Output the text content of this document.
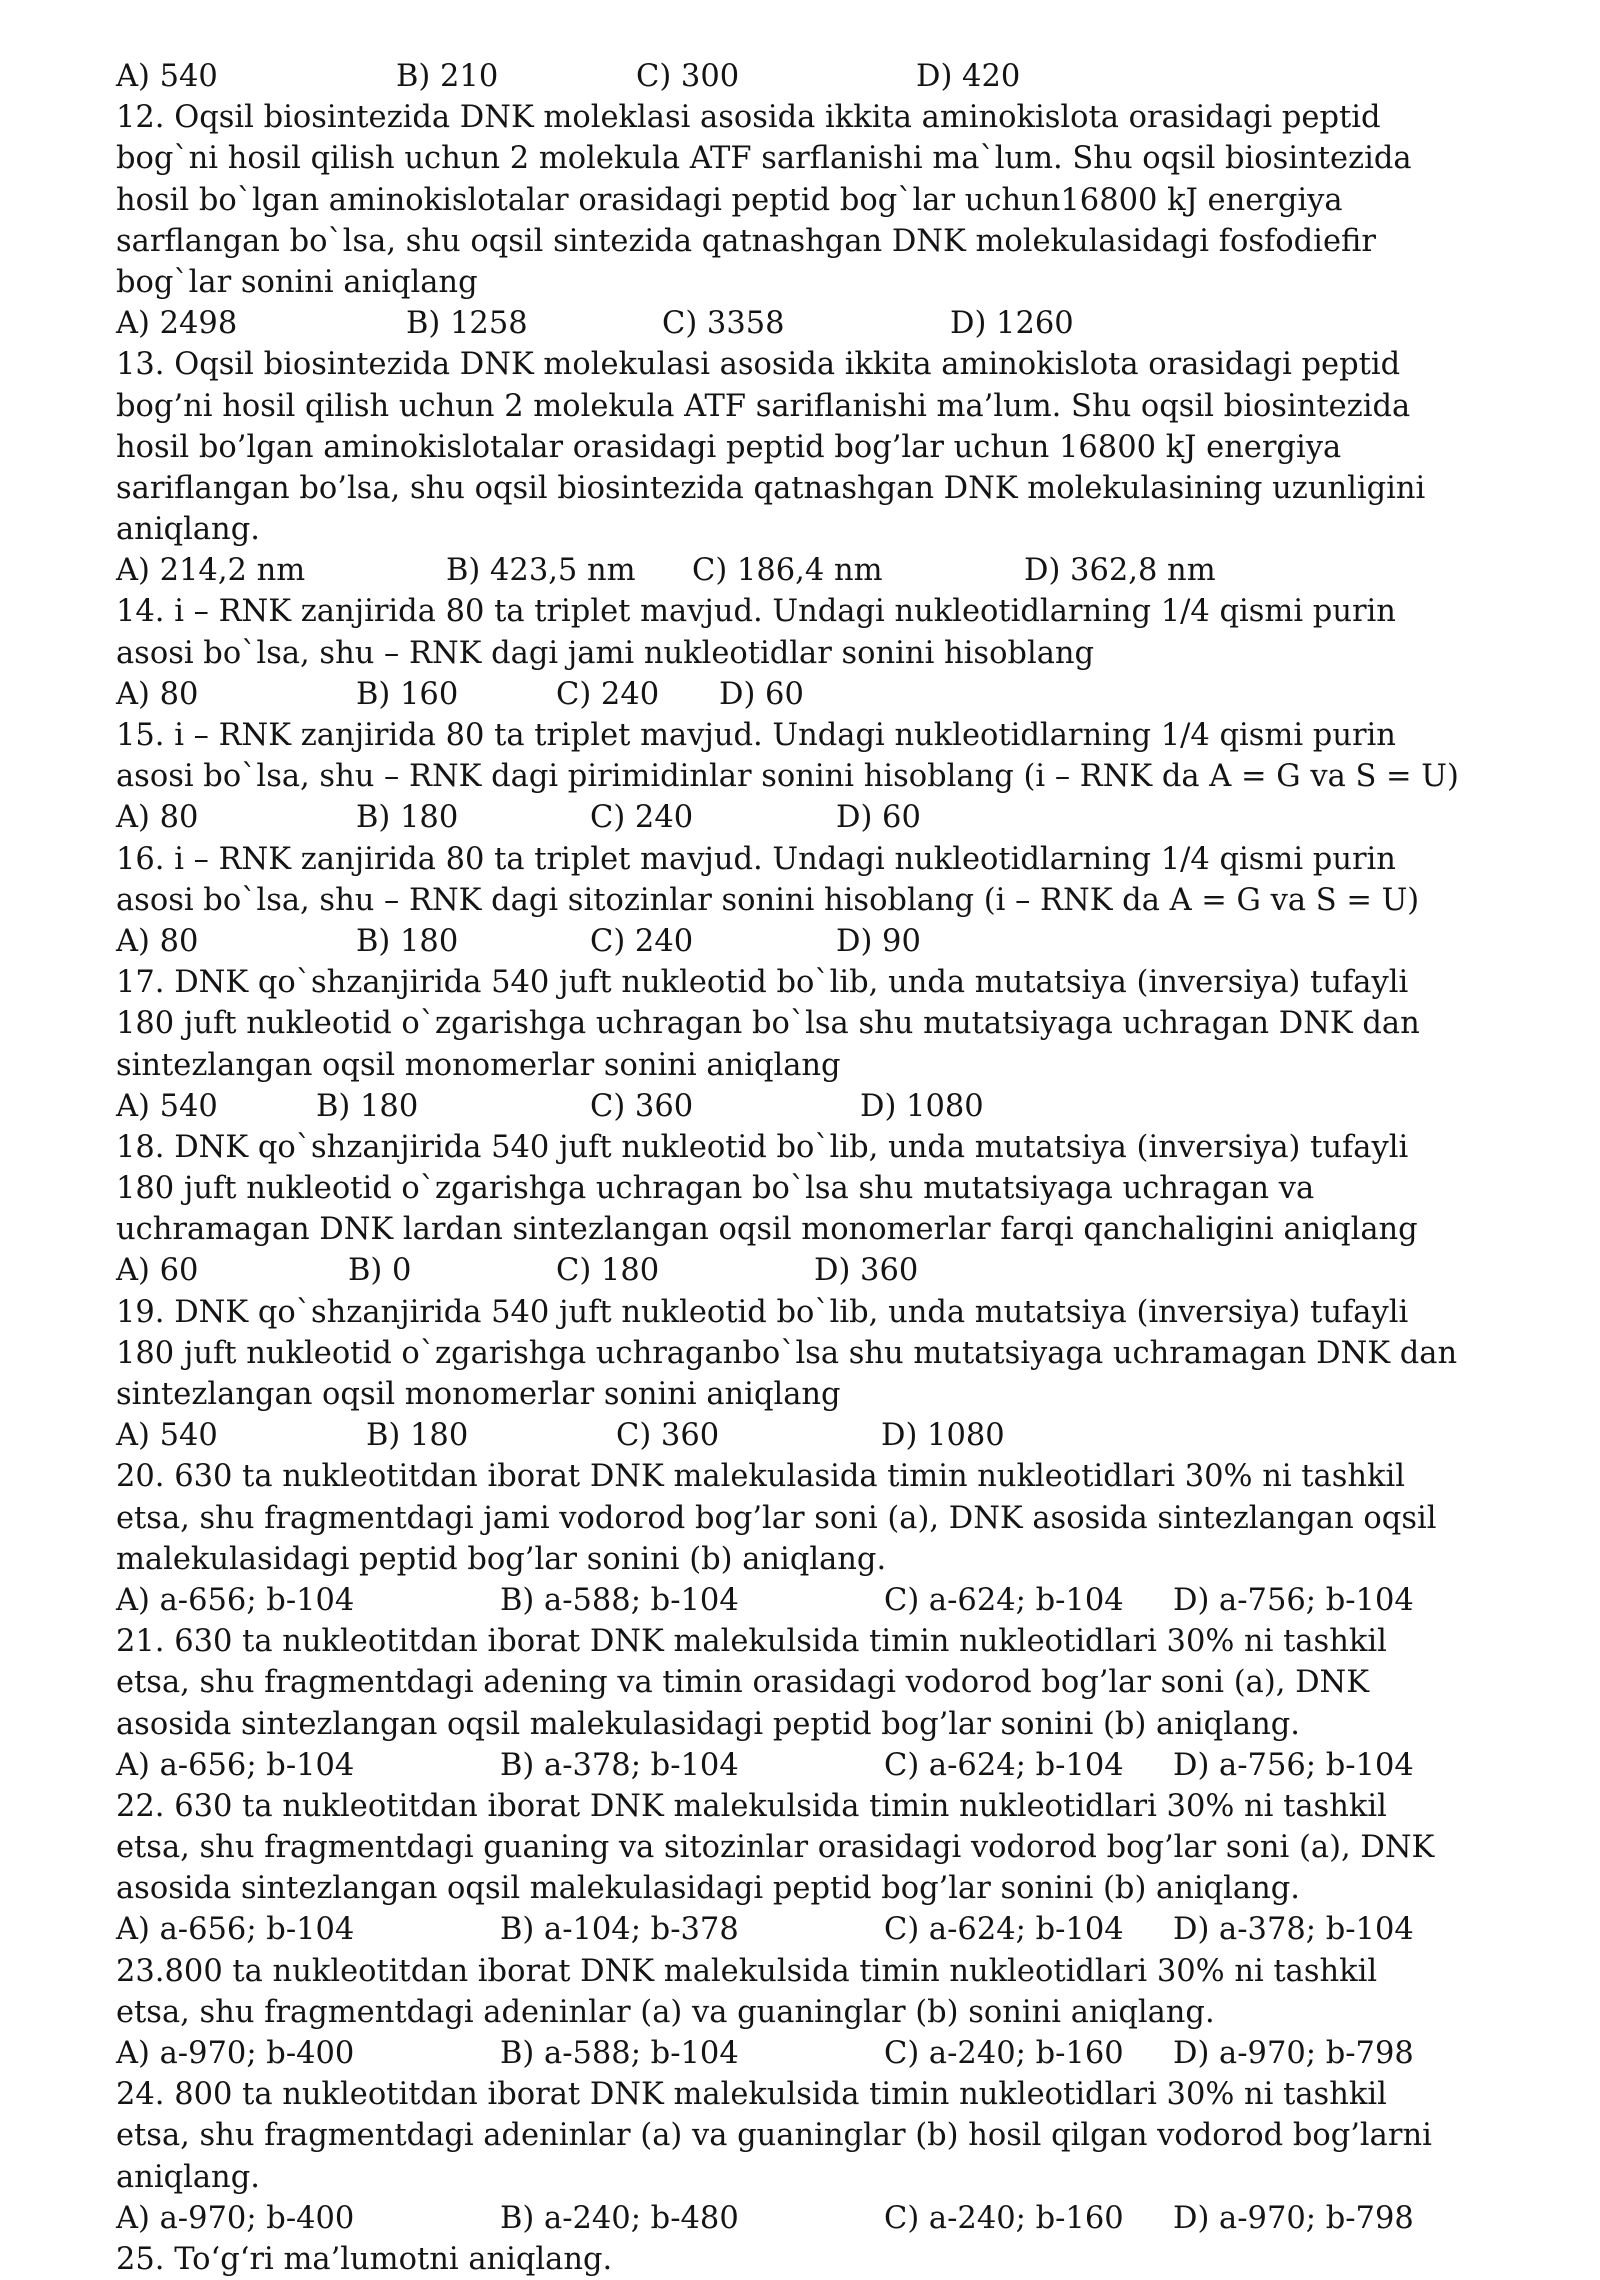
A) 540	B) 210	C) 300	D) 420
12. Oqsil biosintezida DNK moleklasi asosida ikkita aminokislota orasidagi peptid
bog`ni hosil qilish uchun 2 molekula ATF sarflanishi ma`lum. Shu oqsil biosintezida
hosil bo`lgan aminokislotalar orasidagi peptid bog`lar uchun16800 kJ energiya
sarflangan bo`lsa, shu oqsil sintezida qatnashgan DNK molekulasidagi fosfodiefir
bog`lar sonini aniqlang
A) 2498	B) 1258	C) 3358	D) 1260
13. Oqsil biosintezida DNK molekulasi asosida ikkita aminokislota orasidagi peptid
bog’ni hosil qilish uchun 2 molekula ATF sariflanishi ma’lum. Shu oqsil biosintezida
hosil bo’lgan aminokislotalar orasidagi peptid bog’lar uchun 16800 kJ energiya
sariflangan bo’lsa, shu oqsil biosintezida qatnashgan DNK molekulasining uzunligini
aniqlang.
A) 214,2 nm	B) 423,5 nm C) 186,4 nm	D) 362,8 nm
14. i – RNK zanjirida 80 ta triplet mavjud. Undagi nukleotidlarning 1/4 qismi purin
asosi bo`lsa, shu – RNK dagi jami nukleotidlar sonini hisoblang
A) 80	B) 160	C) 240 D) 60
15. i – RNK zanjirida 80 ta triplet mavjud. Undagi nukleotidlarning 1/4 qismi purin
asosi bo`lsa, shu – RNK dagi pirimidinlar sonini hisoblang (i – RNK da A = G va S = U)
A) 80	B) 180	C) 240	D) 60
16. i – RNK zanjirida 80 ta triplet mavjud. Undagi nukleotidlarning 1/4 qismi purin
asosi bo`lsa, shu – RNK dagi sitozinlar sonini hisoblang (i – RNK da A = G va S = U)
A) 80	B) 180	C) 240	D) 90
17. DNK qo`shzanjirida 540 juft nukleotid bo`lib, unda mutatsiya (inversiya) tufayli
180 juft nukleotid o`zgarishga uchragan bo`lsa shu mutatsiyaga uchragan DNK dan
sintezlangan oqsil monomerlar sonini aniqlang
A) 540	B) 180	C) 360	D) 1080
18. DNK qo`shzanjirida 540 juft nukleotid bo`lib, unda mutatsiya (inversiya) tufayli
180 juft nukleotid o`zgarishga uchragan bo`lsa shu mutatsiyaga uchragan va
uchramagan DNK lardan sintezlangan oqsil monomerlar farqi qanchaligini aniqlang
A) 60	B) 0	C) 180	D) 360
19. DNK qo`shzanjirida 540 juft nukleotid bo`lib, unda mutatsiya (inversiya) tufayli
180 juft nukleotid o`zgarishga uchraganbo`lsa shu mutatsiyaga uchramagan DNK dan
sintezlangan oqsil monomerlar sonini aniqlang
A) 540	B) 180	C) 360	D) 1080
20. 630 ta nukleotitdan iborat DNK malekulasida timin nukleotidlari 30% ni tashkil
etsa, shu fragmentdagi jami vodorod bog’lar soni (a), DNK asosida sintezlangan oqsil
malekulasidagi peptid bog’lar sonini (b) aniqlang.
A) a-656; b-104	B) a-588; b-104	C) a-624; b-104 D) a-756; b-104
21. 630 ta nukleotitdan iborat DNK malekulsida timin nukleotidlari 30% ni tashkil
etsa, shu fragmentdagi adening va timin orasidagi vodorod bog’lar soni (a), DNK
asosida sintezlangan oqsil malekulasidagi peptid bog’lar sonini (b) aniqlang.
A) a-656; b-104	B) a-378; b-104	C) a-624; b-104 D) a-756; b-104
22. 630 ta nukleotitdan iborat DNK malekulsida timin nukleotidlari 30% ni tashkil
etsa, shu fragmentdagi guaning va sitozinlar orasidagi vodorod bog’lar soni (a), DNK
asosida sintezlangan oqsil malekulasidagi peptid bog’lar sonini (b) aniqlang.
A) a-656; b-104	B) a-104; b-378	C) a-624; b-104 D) a-378; b-104
23.800 ta nukleotitdan iborat DNK malekulsida timin nukleotidlari 30% ni tashkil
etsa, shu fragmentdagi adeninlar (a) va guaninglar (b) sonini aniqlang.
A) a-970; b-400	B) a-588; b-104	C) a-240; b-160 D) a-970; b-798
24. 800 ta nukleotitdan iborat DNK malekulsida timin nukleotidlari 30% ni tashkil
etsa, shu fragmentdagi adeninlar (a) va guaninglar (b) hosil qilgan vodorod bog’larni
aniqlang.
A) a-970; b-400	B) a-240; b-480	C) a-240; b-160 D) a-970; b-798
25. To‘g‘ri ma’lumotni aniqlang.
